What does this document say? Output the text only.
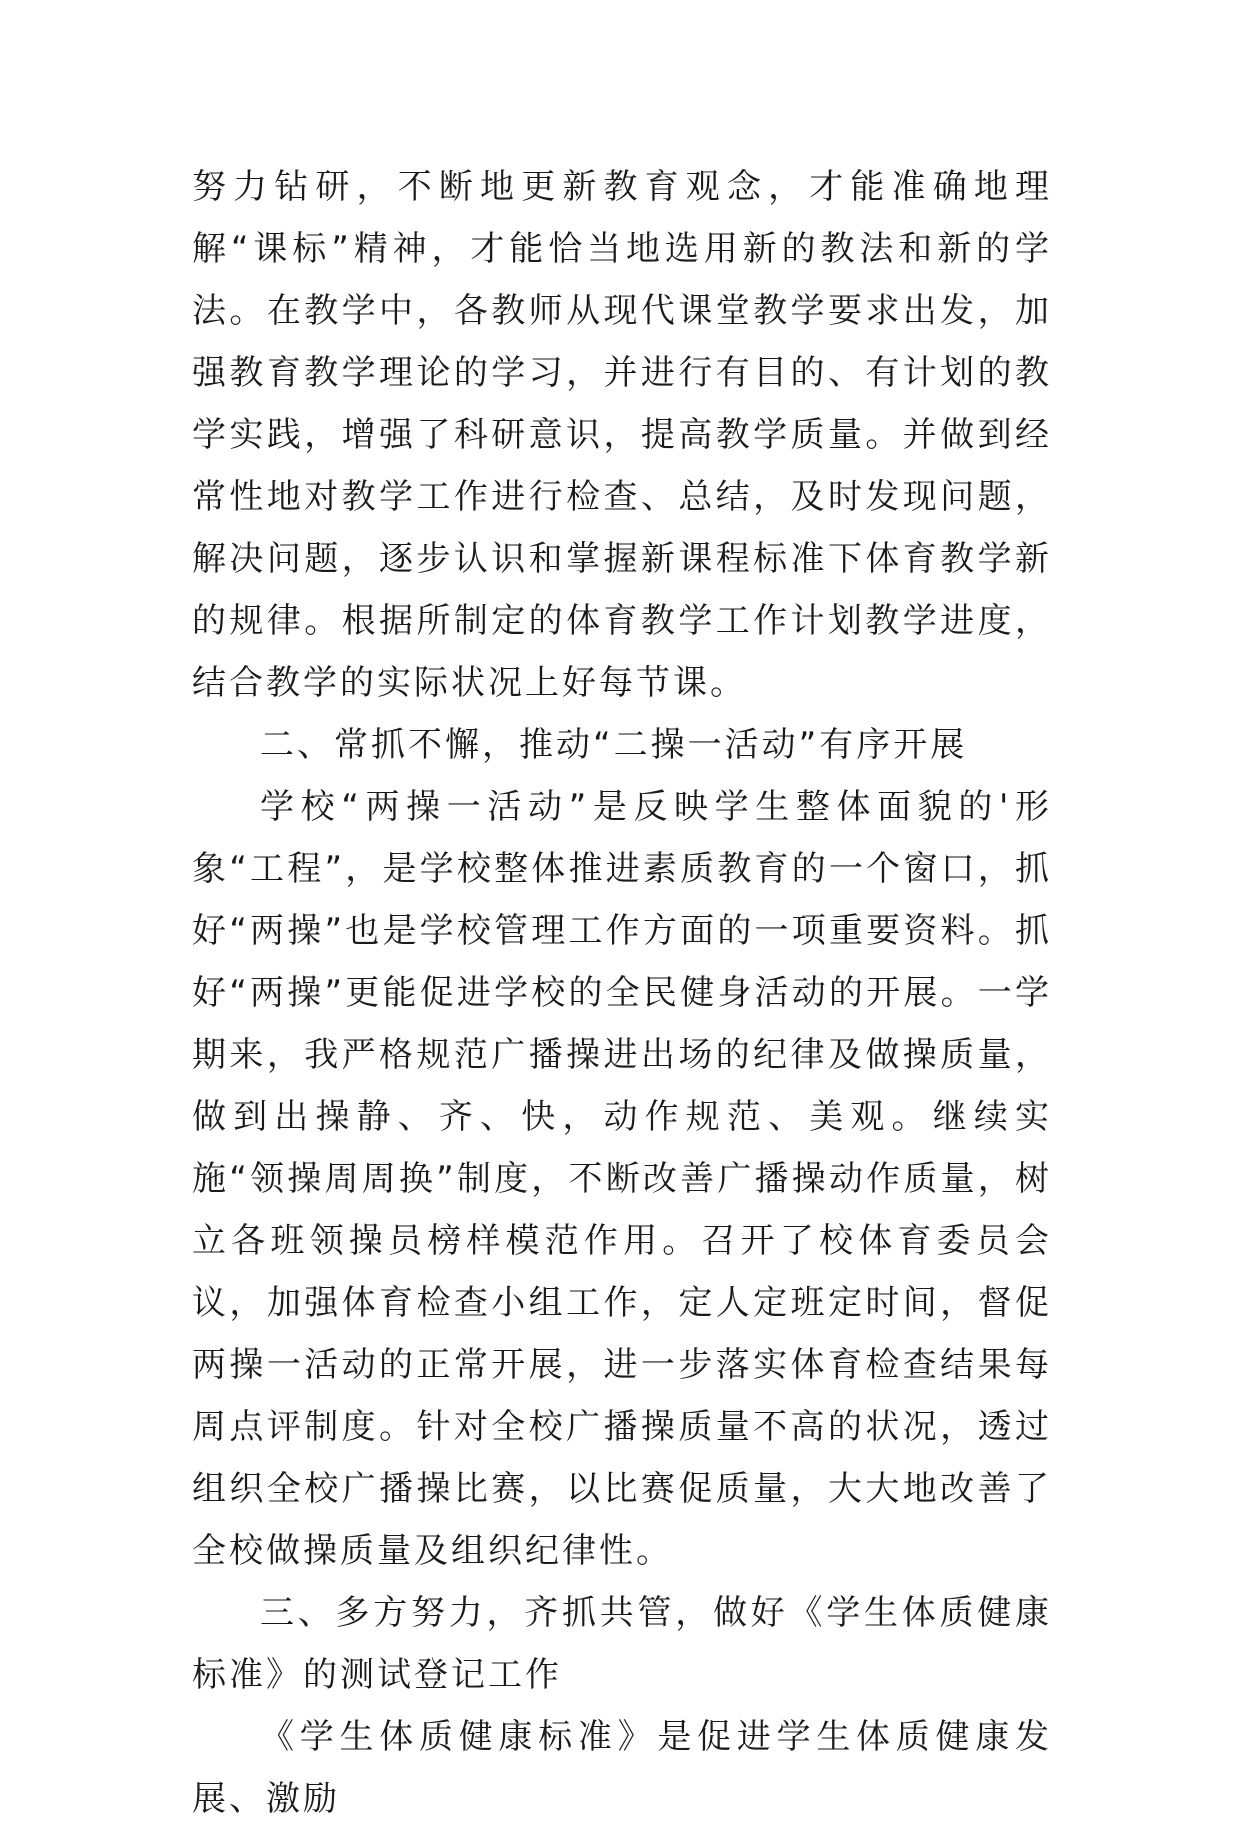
努力钻研，不断地更新教育观念，才能准确地理解“课标”精神，才能恰当地选用新的教法和新的学法。在教学中，各教师从现代课堂教学要求出发，加强教育教学理论的学习，并进行有目的、有计划的教学实践，增强了科研意识，提高教学质量。并做到经常性地对教学工作进行检查、总结，及时发现问题，解决问题，逐步认识和掌握新课程标准下体育教学新的规律。根据所制定的体育教学工作计划教学进度，结合教学的实际状况上好每节课。

二、常抓不懈，推动“二操一活动”有序开展

学校“两操一活动”是反映学生整体面貌的'形象“工程”，是学校整体推进素质教育的一个窗口，抓好“两操”也是学校管理工作方面的一项重要资料。抓好“两操”更能促进学校的全民健身活动的开展。一学期来，我严格规范广播操进出场的纪律及做操质量，做到出操静、齐、快，动作规范、美观。继续实施“领操周周换”制度，不断改善广播操动作质量，树立各班领操员榜样模范作用。召开了校体育委员会议，加强体育检查小组工作，定人定班定时间，督促两操一活动的正常开展，进一步落实体育检查结果每周点评制度。针对全校广播操质量不高的状况，透过组织全校广播操比赛，以比赛促质量，大大地改善了全校做操质量及组织纪律性。

三、多方努力，齐抓共管，做好《学生体质健康标准》的测试登记工作

《学生体质健康标准》是促进学生体质健康发展、激励
